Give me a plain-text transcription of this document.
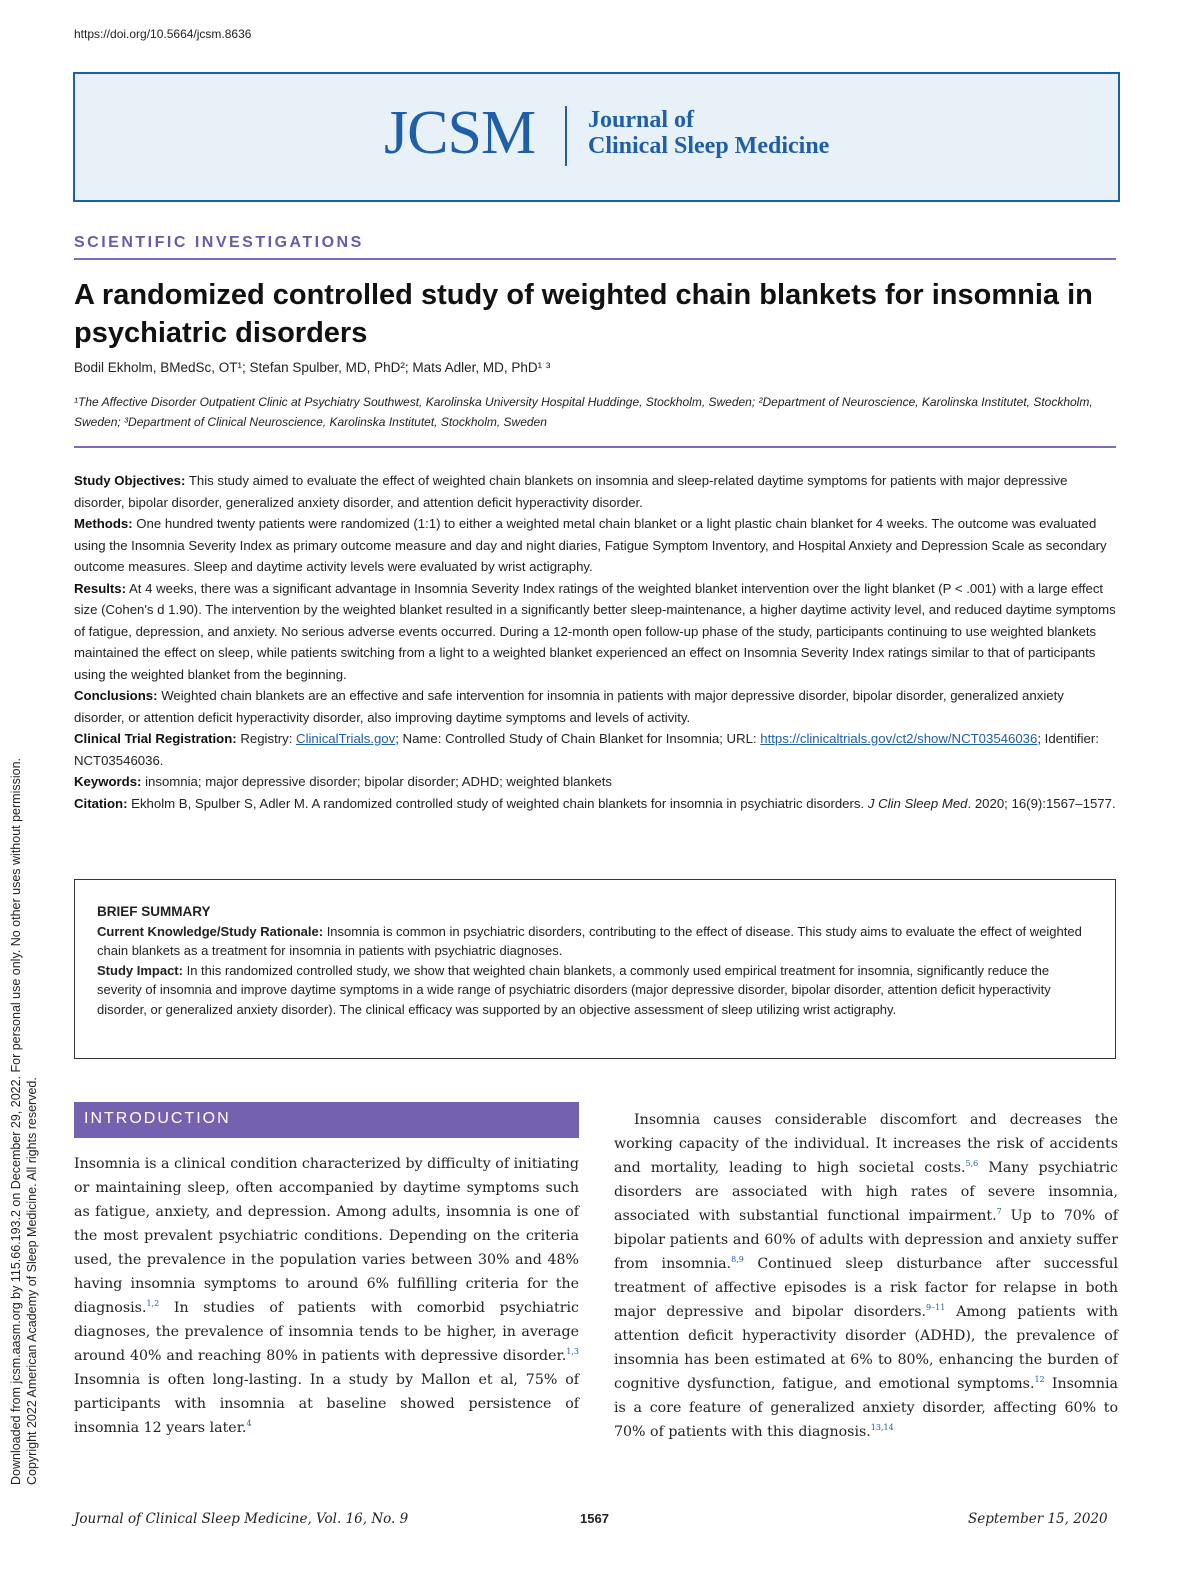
https://doi.org/10.5664/jcsm.8636
JCSM Journal of
Clinical Sleep Medicine
SCIENTIFIC INVESTIGATIONS
A randomized controlled study of weighted chain blankets for insomnia in psychiatric disorders
Bodil Ekholm, BMedSc, OT¹; Stefan Spulber, MD, PhD²; Mats Adler, MD, PhD¹ ³
¹The Affective Disorder Outpatient Clinic at Psychiatry Southwest, Karolinska University Hospital Huddinge, Stockholm, Sweden; ²Department of Neuroscience, Karolinska Institutet, Stockholm, Sweden; ³Department of Clinical Neuroscience, Karolinska Institutet, Stockholm, Sweden

Study Objectives: This study aimed to evaluate the effect of weighted chain blankets on insomnia and sleep-related daytime symptoms for patients with major depressive disorder, bipolar disorder, generalized anxiety disorder, and attention deficit hyperactivity disorder.

Methods: One hundred twenty patients were randomized (1:1) to either a weighted metal chain blanket or a light plastic chain blanket for 4 weeks. The outcome was evaluated using the Insomnia Severity Index as primary outcome measure and day and night diaries, Fatigue Symptom Inventory, and Hospital Anxiety and Depression Scale as secondary outcome measures. Sleep and daytime activity levels were evaluated by wrist actigraphy.

Results: At 4 weeks, there was a significant advantage in Insomnia Severity Index ratings of the weighted blanket intervention over the light blanket (P < .001) with a large effect size (Cohen's d 1.90). The intervention by the weighted blanket resulted in a significantly better sleep-maintenance, a higher daytime activity level, and reduced daytime symptoms of fatigue, depression, and anxiety. No serious adverse events occurred. During a 12-month open follow-up phase of the study, participants continuing to use weighted blankets maintained the effect on sleep, while patients switching from a light to a weighted blanket experienced an effect on Insomnia Severity Index ratings similar to that of participants using the weighted blanket from the beginning.

Conclusions: Weighted chain blankets are an effective and safe intervention for insomnia in patients with major depressive disorder, bipolar disorder, generalized anxiety disorder, or attention deficit hyperactivity disorder, also improving daytime symptoms and levels of activity.

Clinical Trial Registration: Registry: ClinicalTrials.gov; Name: Controlled Study of Chain Blanket for Insomnia; URL: https://clinicaltrials.gov/ct2/show/NCT03546036; Identifier: NCT03546036.

Keywords: insomnia; major depressive disorder; bipolar disorder; ADHD; weighted blankets

Citation: Ekholm B, Spulber S, Adler M. A randomized controlled study of weighted chain blankets for insomnia in psychiatric disorders. J Clin Sleep Med. 2020; 16(9):1567–1577.

BRIEF SUMMARY
Current Knowledge/Study Rationale: Insomnia is common in psychiatric disorders, contributing to the effect of disease. This study aims to evaluate the effect of weighted chain blankets as a treatment for insomnia in patients with psychiatric diagnoses.
Study Impact: In this randomized controlled study, we show that weighted chain blankets, a commonly used empirical treatment for insomnia, significantly reduce the severity of insomnia and improve daytime symptoms in a wide range of psychiatric disorders (major depressive disorder, bipolar disorder, attention deficit hyperactivity disorder, or generalized anxiety disorder). The clinical efficacy was supported by an objective assessment of sleep utilizing wrist actigraphy.
INTRODUCTION
Insomnia is a clinical condition characterized by difficulty of initiating or maintaining sleep, often accompanied by daytime symptoms such as fatigue, anxiety, and depression. Among adults, insomnia is one of the most prevalent psychiatric conditions. Depending on the criteria used, the prevalence in the population varies between 30% and 48% having insomnia symptoms to around 6% fulfilling criteria for the diagnosis.$^{1,2}$ In studies of patients with comorbid psychiatric diagnoses, the prevalence of insomnia tends to be higher, in average around 40% and reaching 80% in patients with depressive disorder.$^{1,3}$ Insomnia is often long-lasting. In a study by Mallon et al, 75% of participants with insomnia at baseline showed persistence of insomnia 12 years later.$^4$
Insomnia causes considerable discomfort and decreases the working capacity of the individual. It increases the risk of accidents and mortality, leading to high societal costs.$^{5,6}$ Many psychiatric disorders are associated with high rates of severe insomnia, associated with substantial functional impairment.$^7$ Up to 70% of bipolar patients and 60% of adults with depression and anxiety suffer from insomnia.$^{8,9}$ Continued sleep disturbance after successful treatment of affective episodes is a risk factor for relapse in both major depressive and bipolar disorders.$^{9-11}$ Among patients with attention deficit hyperactivity disorder (ADHD), the prevalence of insomnia has been estimated at 6% to 80%, enhancing the burden of cognitive dysfunction, fatigue, and emotional symptoms.$^{12}$ Insomnia is a core feature of generalized anxiety disorder, affecting 60% to 70% of patients with this diagnosis.$^{13,14}$
Downloaded from jcsm.aasm.org by 115.66.193.2 on December 29, 2022. For personal use only. No other uses without permission. Copyright 2022 American Academy of Sleep Medicine. All rights reserved.
Journal of Clinical Sleep Medicine, Vol. 16, No. 9	1567	September 15, 2020
